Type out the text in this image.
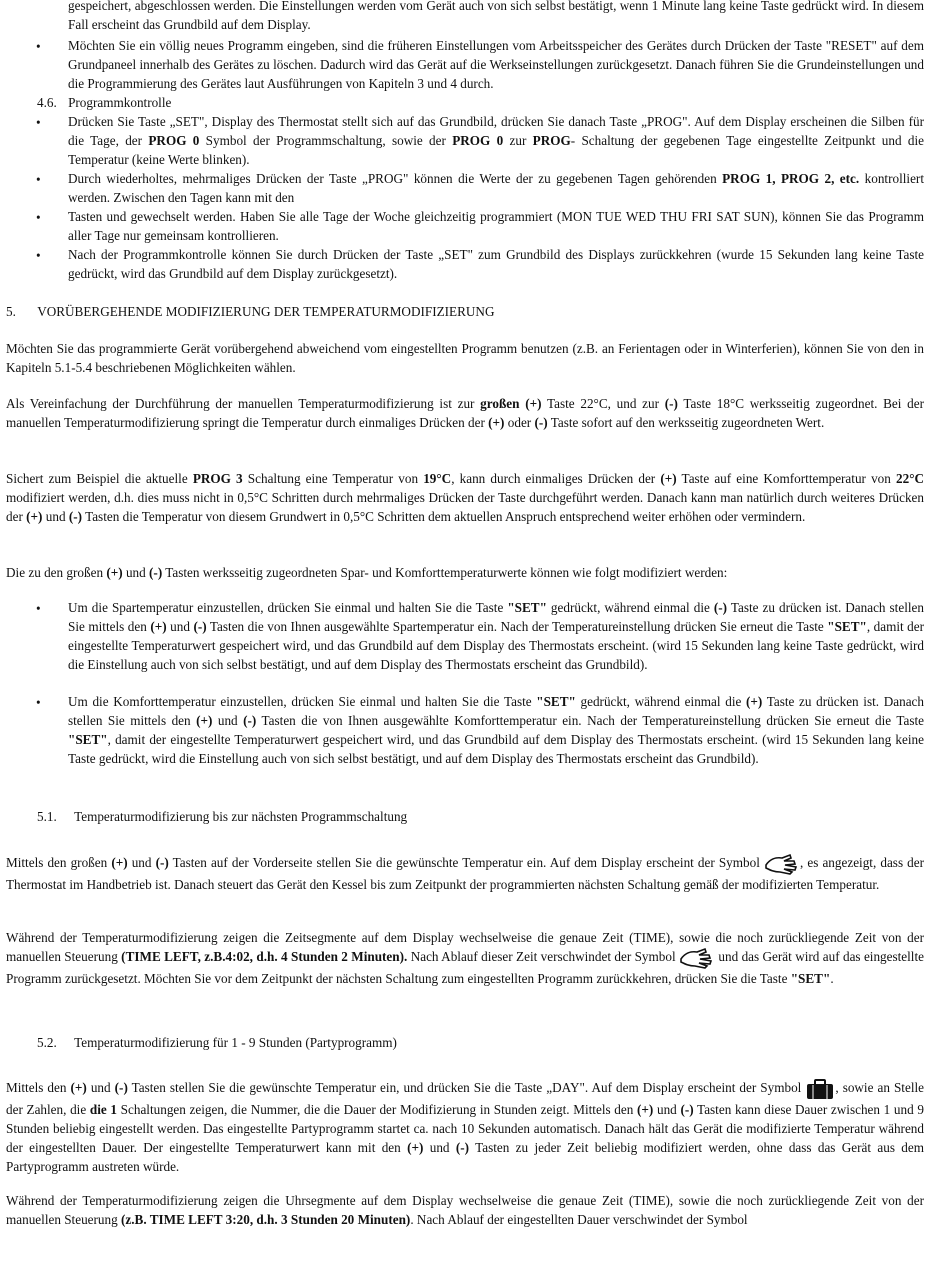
gespeichert, abgeschlossen werden. Die Einstellungen werden vom Gerät auch von sich selbst bestätigt, wenn 1 Minute lang keine Taste gedrückt wird. In diesem Fall erscheint das Grundbild auf dem Display.

•	Möchten Sie ein völlig neues Programm eingeben, sind die früheren Einstellungen vom Arbeitsspeicher des Gerätes durch Drücken der Taste "RESET" auf dem Grundpaneel innerhalb des Gerätes zu löschen. Dadurch wird das Gerät auf die Werkseinstellungen zurückgesetzt. Danach führen Sie die Grundeinstellungen und die Programmierung des Gerätes laut Ausführungen von Kapiteln 3 und 4 durch.

4.6. Programmkontrolle
•	Drücken Sie Taste „SET", Display des Thermostat stellt sich auf das Grundbild, drücken Sie danach Taste „PROG". Auf dem Display erscheinen die Silben für die Tage, der PROG 0 Symbol der Programmschaltung, sowie der PROG 0 zur PROG- Schaltung der gegebenen Tage eingestellte Zeitpunkt und die Temperatur (keine Werte blinken).

•	Durch wiederholtes, mehrmaliges Drücken der Taste „PROG" können die Werte der zu gegebenen Tagen gehörenden PROG 1, PROG 2, etc. kontrolliert werden. Zwischen den Tagen kann mit den

•	Tasten und gewechselt werden. Haben Sie alle Tage der Woche gleichzeitig programmiert (MON TUE WED THU FRI SAT SUN), können Sie das Programm aller Tage nur gemeinsam kontrollieren.

•	Nach der Programmkontrolle können Sie durch Drücken der Taste „SET" zum Grundbild des Displays zurückkehren (wurde 15 Sekunden lang keine Taste gedrückt, wird das Grundbild auf dem Display zurückgesetzt).

5. VORÜBERGEHENDE MODIFIZIERUNG DER TEMPERATURMODIFIZIERUNG

Möchten Sie das programmierte Gerät vorübergehend abweichend vom eingestellten Programm benutzen (z.B. an Ferientagen oder in Winterferien), können Sie von den in Kapiteln 5.1-5.4 beschriebenen Möglichkeiten wählen.

Als Vereinfachung der Durchführung der manuellen Temperaturmodifizierung ist zur großen (+) Taste 22°C, und zur (-) Taste 18°C werksseitig zugeordnet. Bei der manuellen Temperaturmodifizierung springt die Temperatur durch einmaliges Drücken der (+) oder (-) Taste sofort auf den werksseitig zugeordneten Wert.

Sichert zum Beispiel die aktuelle PROG 3 Schaltung eine Temperatur von 19°C, kann durch einmaliges Drücken der (+) Taste auf eine Komforttemperatur von 22°C modifiziert werden, d.h. dies muss nicht in 0,5°C Schritten durch mehrmaliges Drücken der Taste durchgeführt werden. Danach kann man natürlich durch weiteres Drücken der (+) und (-) Tasten die Temperatur von diesem Grundwert in 0,5°C Schritten dem aktuellen Anspruch entsprechend weiter erhöhen oder vermindern.

Die zu den großen (+) und (-) Tasten werksseitig zugeordneten Spar- und Komforttemperaturwerte können wie folgt modifiziert werden:

•	Um die Spartemperatur einzustellen, drücken Sie einmal und halten Sie die Taste "SET" gedrückt, während einmal die (-) Taste zu drücken ist. Danach stellen Sie mittels den (+) und (-) Tasten die von Ihnen ausgewählte Spartemperatur ein. Nach der Temperatureinstellung drücken Sie erneut die Taste "SET", damit der eingestellte Temperaturwert gespeichert wird, und das Grundbild auf dem Display des Thermostats erscheint. (wird 15 Sekunden lang keine Taste gedrückt, wird die Einstellung auch von sich selbst bestätigt, und auf dem Display des Thermostats erscheint das Grundbild).

•	Um die Komforttemperatur einzustellen, drücken Sie einmal und halten Sie die Taste "SET" gedrückt, während einmal die (+) Taste zu drücken ist. Danach stellen Sie mittels den (+) und (-) Tasten die von Ihnen ausgewählte Komforttemperatur ein. Nach der Temperatureinstellung drücken Sie erneut die Taste "SET", damit der eingestellte Temperaturwert gespeichert wird, und das Grundbild auf dem Display des Thermostats erscheint. (wird 15 Sekunden lang keine Taste gedrückt, wird die Einstellung auch von sich selbst bestätigt, und auf dem Display des Thermostats erscheint das Grundbild).

5.1. Temperaturmodifizierung bis zur nächsten Programmschaltung

Mittels den großen (+) und (-) Tasten auf der Vorderseite stellen Sie die gewünschte Temperatur ein. Auf dem Display erscheint der Symbol	, es angezeigt, dass der Thermostat im Handbetrieb ist. Danach steuert das Gerät den Kessel bis zum Zeitpunkt der programmierten nächsten Schaltung gemäß der modifizierten Temperatur.

Während der Temperaturmodifizierung zeigen die Zeitsegmente auf dem Display wechselweise die genaue Zeit (TIME), sowie die noch zurückliegende Zeit von der manuellen Steuerung (TIME LEFT, z.B.4:02, d.h. 4 Stunden 2 Minuten). Nach Ablauf dieser Zeit verschwindet der Symbol	und das Gerät wird auf das eingestellte Programm zurückgesetzt. Möchten Sie vor dem Zeitpunkt der nächsten Schaltung zum eingestellten Programm zurückkehren, drücken Sie die Taste "SET".

5.2. Temperaturmodifizierung für 1 - 9 Stunden (Partyprogramm)

Mittels den (+) und (-) Tasten stellen Sie die gewünschte Temperatur ein, und drücken Sie die Taste „DAY". Auf dem Display erscheint der Symbol
, sowie an Stelle der Zahlen, die die 1 Schaltungen zeigen, die Nummer, die die Dauer der Modifizierung in Stunden zeigt. Mittels den (+) und (-) Tasten kann diese Dauer zwischen 1 und 9 Stunden beliebig eingestellt werden. Das eingestellte Partyprogramm startet ca. nach 10 Sekunden automatisch. Danach hält das Gerät die modifizierte Temperatur während der eingestellten Dauer. Der eingestellte Temperaturwert kann mit den (+) und (-) Tasten zu jeder Zeit beliebig modifiziert werden, ohne dass das Gerät aus dem Partyprogramm austreten würde.

Während der Temperaturmodifizierung zeigen die Uhrsegmente auf dem Display wechselweise die genaue Zeit (TIME), sowie die noch zurückliegende Zeit von der manuellen Steuerung (z.B. TIME LEFT 3:20, d.h. 3 Stunden 20 Minuten). Nach Ablauf der eingestellten Dauer verschwindet der Symbol
